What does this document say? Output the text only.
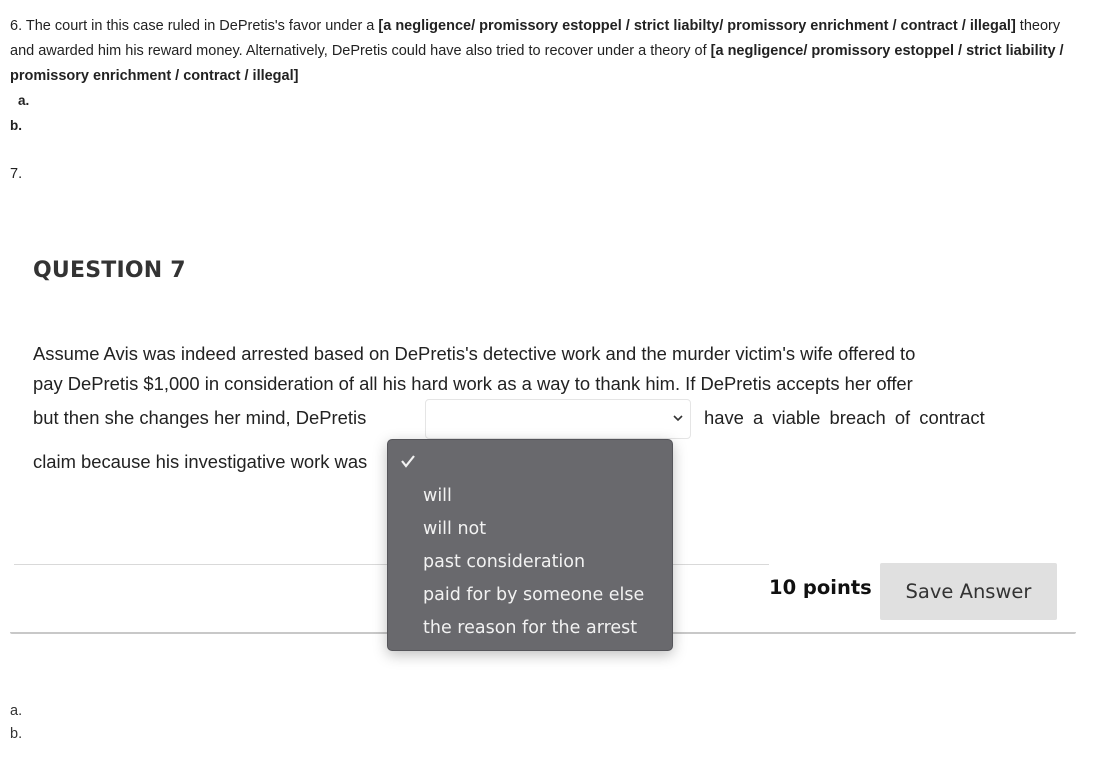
6. The court in this case ruled in DePretis's favor under a [a negligence/ promissory estoppel / strict liabilty/ promissory enrichment / contract / illegal] theory and awarded him his reward money. Alternatively, DePretis could have also tried to recover under a theory of [a negligence/ promissory estoppel / strict liability / promissory enrichment / contract / illegal]
a.
b.
7.
QUESTION 7
Assume Avis was indeed arrested based on DePretis's detective work and the murder victim's wife offered to
pay DePretis $1,000 in consideration of all his hard work as a way to thank him. If DePretis accepts her offer
but then she changes her mind, DePretis	have a viable breach of contract
claim because his investigative work was
10 points	Save Answer
will
will not
past consideration
paid for by someone else
the reason for the arrest
a.
b.
